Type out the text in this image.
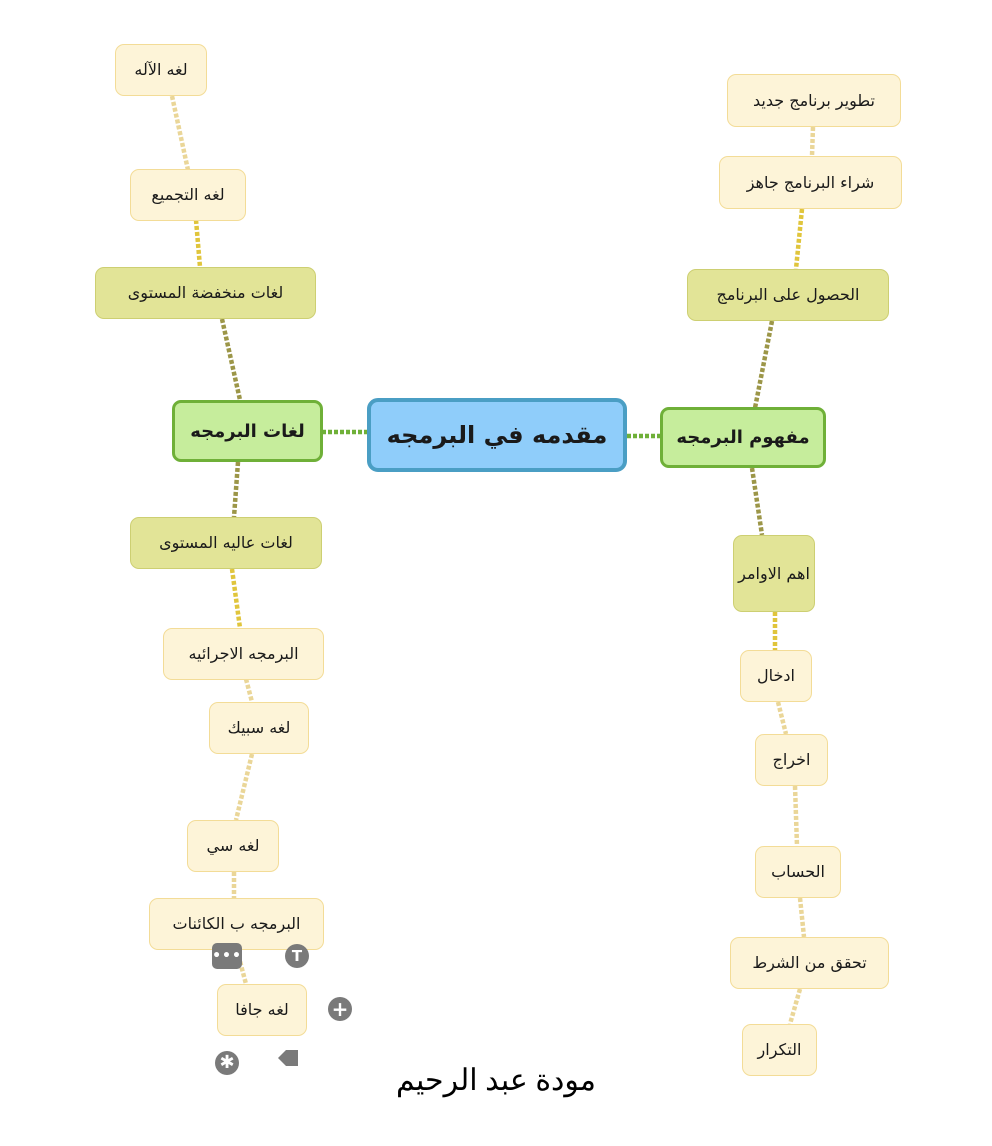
مقدمه في البرمجه
لغات البرمجه
لغات منخفضة المستوى
لغه التجميع
لغه الآله
لغات عاليه المستوى
البرمجه الاجرائيه
لغه سبيك
لغه سي
البرمجه ب الكائنات
لغه جافا
مفهوم البرمجه
الحصول على البرنامج
شراء البرنامج جاهز
تطوير برنامج جديد
اهم الاوامر
ادخال
اخراج
الحساب
تحقق من الشرط
التكرار
•••	T
+
✱
مودة عبد الرحيم
